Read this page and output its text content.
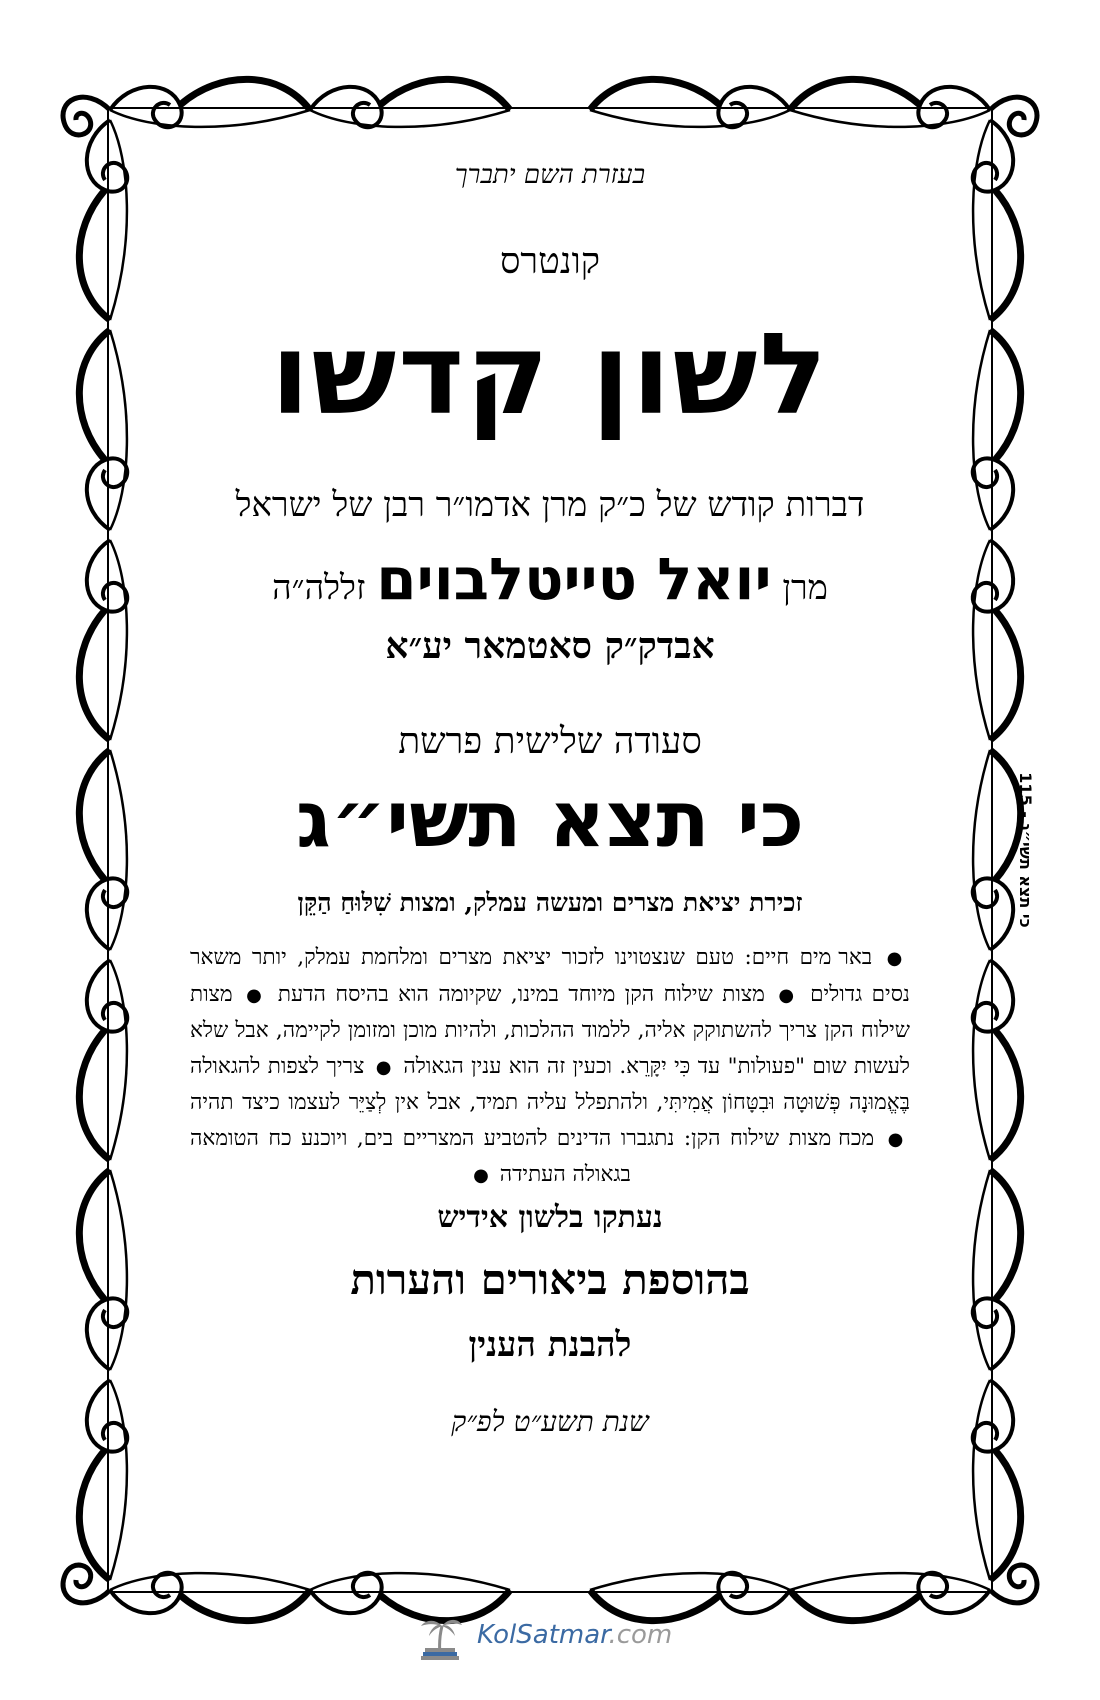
בעזרת השם יתברך
קונטרס
לשון קדשו
דברות קודש של כ״ק מרן אדמו״ר רבן של ישראל
מרן יואל טייטלבוים זללה״ה
אבדק״ק סאטמאר יע״א
סעודה שלישית פרשת
כי תצא תשי״ג
זכירת יציאת מצרים ומעשה עמלק, ומצות שִׁלּוּחַ הַקֵּן
● באר מים חיים: טעם שנצטוינו לזכור יציאת מצרים ומלחמת עמלק, יותר משאר נסים גדולים ● מצות שילוח הקן מיוחד במינו, שקיומה הוא בהיסח הדעת ● מצות שילוח הקן צריך להשתוקק אליה, ללמוד ההלכות, ולהיות מוכן ומזומן לקיימה, אבל שלא לעשות שום "פעולות" עד כִּי יִקָּרֵא. וכעין זה הוא ענין הגאולה ● צריך לצפות להגאולה בֶּאֱמוּנָה פְּשׁוּטָה וּבִטָּחוֹן אֲמִיתִּי, ולהתפלל עליה תמיד, אבל אין לְצַיֵּר לעצמו כיצד תהיה ● מכח מצות שילוח הקן: נתגברו הדינים להטביע המצריים בים, ויוכנע כח הטומאה בגאולה העתידה ●
נעתקו בלשון אידיש
בהוספת ביאורים והערות
להבנת הענין
שנת תשע״ט לפ״ק
כי תצא תשי״ג - 115
KolSatmar.com
